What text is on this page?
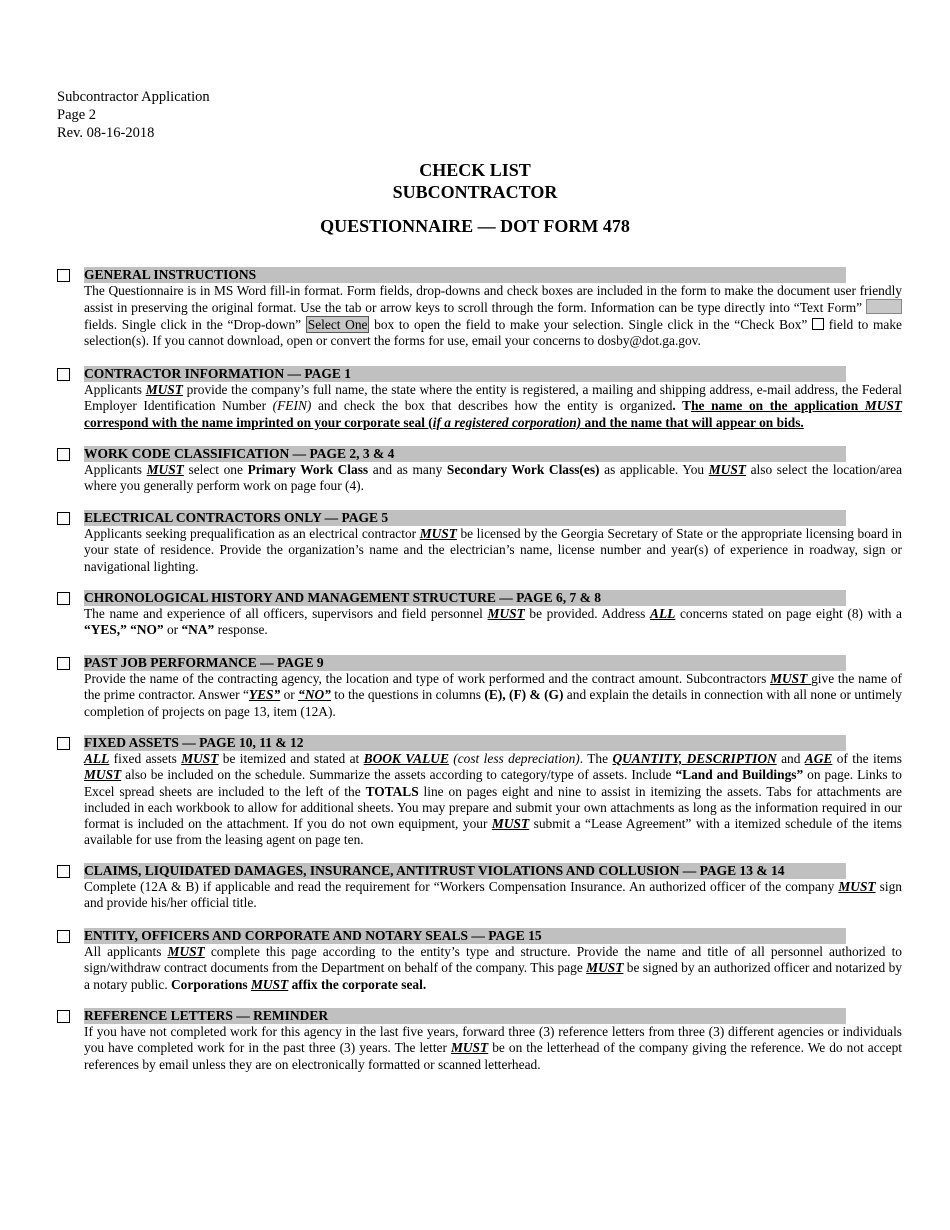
Subcontractor Application
Page 2
Rev. 08-16-2018
CHECK LIST
SUBCONTRACTOR
QUESTIONNAIRE — DOT FORM 478
GENERAL INSTRUCTIONS
The Questionnaire is in MS Word fill-in format. Form fields, drop-downs and check boxes are included in the form to make the document user friendly assist in preserving the original format. Use the tab or arrow keys to scroll through the form. Information can be type directly into “Text Form”  fields. Single click in the “Drop-down” Select One box to open the field to make your selection. Single click in the “Check Box”  field to make selection(s). If you cannot download, open or convert the forms for use, email your concerns to dosby@dot.ga.gov.
CONTRACTOR INFORMATION — PAGE 1
Applicants MUST provide the company’s full name, the state where the entity is registered, a mailing and shipping address, e-mail address, the Federal Employer Identification Number (FEIN) and check the box that describes how the entity is organized. The name on the application MUST correspond with the name imprinted on your corporate seal (if a registered corporation) and the name that will appear on bids.
WORK CODE CLASSIFICATION — PAGE 2, 3 & 4
Applicants MUST select one Primary Work Class and as many Secondary Work Class(es) as applicable. You MUST also select the location/area where you generally perform work on page four (4).
ELECTRICAL CONTRACTORS ONLY — PAGE 5
Applicants seeking prequalification as an electrical contractor MUST be licensed by the Georgia Secretary of State or the appropriate licensing board in your state of residence. Provide the organization’s name and the electrician’s name, license number and year(s) of experience in roadway, sign or navigational lighting.
CHRONOLOGICAL HISTORY AND MANAGEMENT STRUCTURE — PAGE 6, 7 & 8
The name and experience of all officers, supervisors and field personnel MUST be provided. Address ALL concerns stated on page eight (8) with a “YES,” “NO” or “NA” response.
PAST JOB PERFORMANCE — PAGE 9
Provide the name of the contracting agency, the location and type of work performed and the contract amount. Subcontractors MUST give the name of the prime contractor. Answer “YES” or “NO” to the questions in columns (E), (F) & (G) and explain the details in connection with all none or untimely completion of projects on page 13, item (12A).
FIXED ASSETS — PAGE 10, 11 & 12
ALL fixed assets MUST be itemized and stated at BOOK VALUE (cost less depreciation). The QUANTITY, DESCRIPTION and AGE of the items MUST also be included on the schedule. Summarize the assets according to category/type of assets. Include “Land and Buildings” on page. Links to Excel spread sheets are included to the left of the TOTALS line on pages eight and nine to assist in itemizing the assets. Tabs for attachments are included in each workbook to allow for additional sheets. You may prepare and submit your own attachments as long as the information required in our format is included on the attachment. If you do not own equipment, your MUST submit a “Lease Agreement” with a itemized schedule of the items available for use from the leasing agent on page ten.
CLAIMS, LIQUIDATED DAMAGES, INSURANCE, ANTITRUST VIOLATIONS AND COLLUSION — PAGE 13 & 14
Complete (12A & B) if applicable and read the requirement for “Workers Compensation Insurance. An authorized officer of the company MUST sign and provide his/her official title.
ENTITY, OFFICERS AND CORPORATE AND NOTARY SEALS — PAGE 15
All applicants MUST complete this page according to the entity’s type and structure. Provide the name and title of all personnel authorized to sign/withdraw contract documents from the Department on behalf of the company. This page MUST be signed by an authorized officer and notarized by a notary public. Corporations MUST affix the corporate seal.
REFERENCE LETTERS — REMINDER
If you have not completed work for this agency in the last five years, forward three (3) reference letters from three (3) different agencies or individuals you have completed work for in the past three (3) years. The letter MUST be on the letterhead of the company giving the reference. We do not accept references by email unless they are on electronically formatted or scanned letterhead.
